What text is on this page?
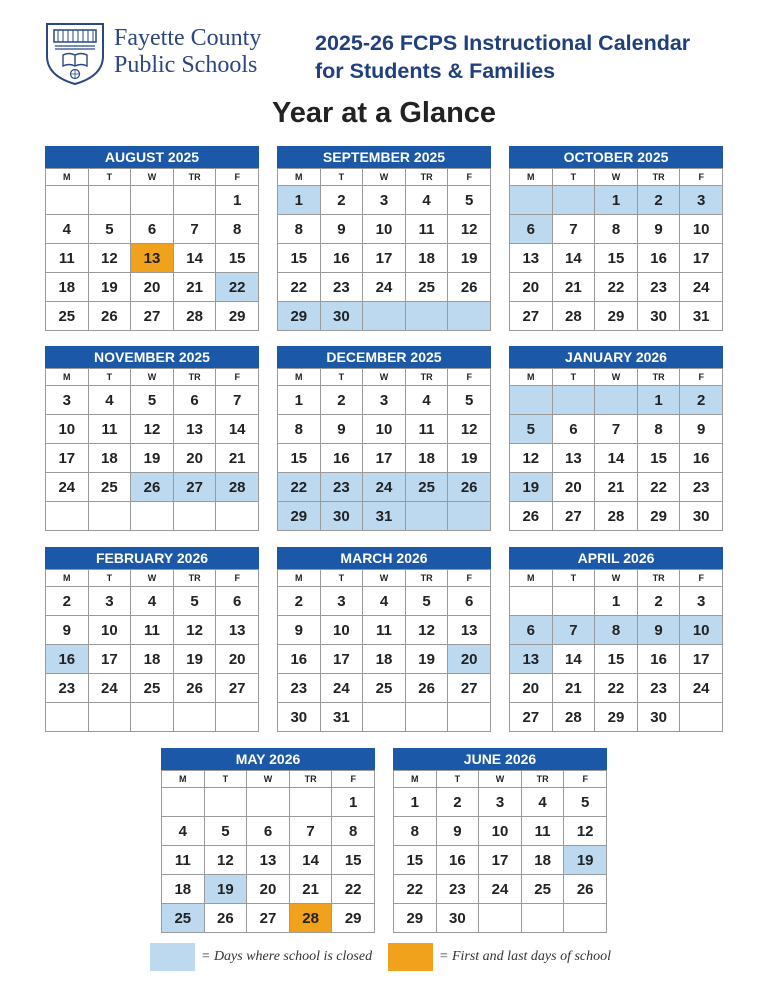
Fayette County
Public Schools
2025-26 FCPS Instructional Calendar
for Students & Families
Year at a Glance
AUGUST 2025
M	T	W	TR	F
				1
4	5	6	7	8
11	12	13	14	15
18	19	20	21	22
25	26	27	28	29
SEPTEMBER 2025
M	T	W	TR	F
1	2	3	4	5
8	9	10	11	12
15	16	17	18	19
22	23	24	25	26
29	30			
OCTOBER 2025
M	T	W	TR	F
		1	2	3
6	7	8	9	10
13	14	15	16	17
20	21	22	23	24
27	28	29	30	31
NOVEMBER 2025
M	T	W	TR	F
3	4	5	6	7
10	11	12	13	14
17	18	19	20	21
24	25	26	27	28

DECEMBER 2025
M	T	W	TR	F
1	2	3	4	5
8	9	10	11	12
15	16	17	18	19
22	23	24	25	26
29	30	31		
JANUARY 2026
M	T	W	TR	F
			1	2
5	6	7	8	9
12	13	14	15	16
19	20	21	22	23
26	27	28	29	30
FEBRUARY 2026
M	T	W	TR	F
2	3	4	5	6
9	10	11	12	13
16	17	18	19	20
23	24	25	26	27

MARCH 2026
M	T	W	TR	F
2	3	4	5	6
9	10	11	12	13
16	17	18	19	20
23	24	25	26	27
30	31			
APRIL 2026
M	T	W	TR	F
		1	2	3
6	7	8	9	10
13	14	15	16	17
20	21	22	23	24
27	28	29	30	
MAY 2026
M	T	W	TR	F
				1
4	5	6	7	8
11	12	13	14	15
18	19	20	21	22
25	26	27	28	29
JUNE 2026
M	T	W	TR	F
1	2	3	4	5
8	9	10	11	12
15	16	17	18	19
22	23	24	25	26
29	30			
= Days where school is closed	= First and last days of school
